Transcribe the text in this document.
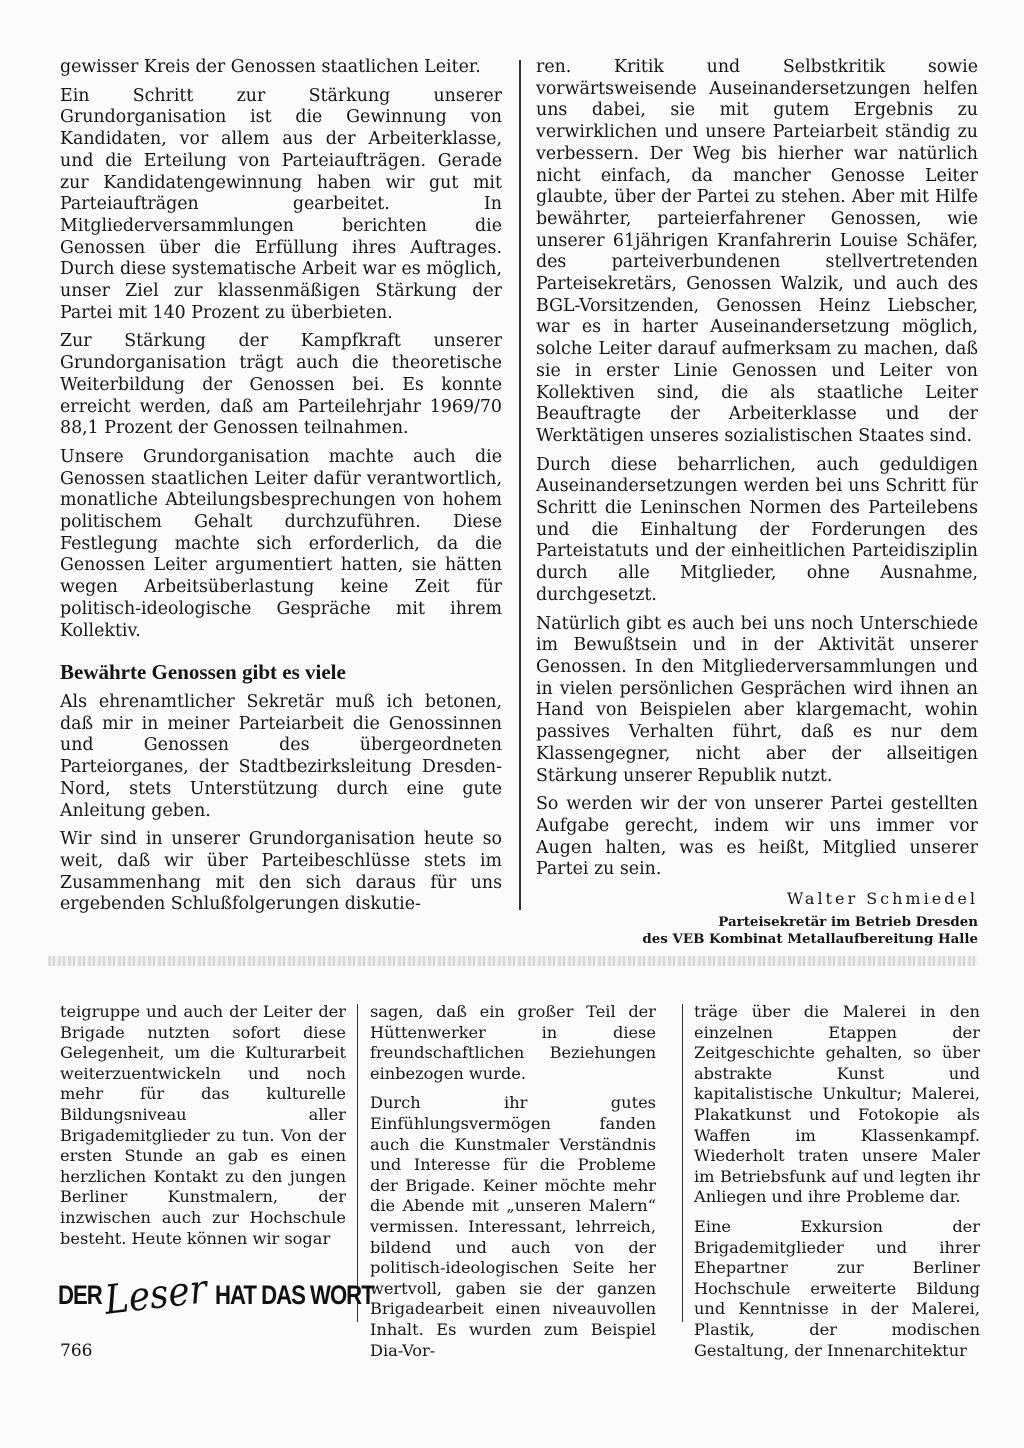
gewisser Kreis der Genossen staatlichen Leiter.

Ein Schritt zur Stärkung unserer Grundorganisation ist die Gewinnung von Kandidaten, vor allem aus der Arbeiterklasse, und die Erteilung von Parteiaufträgen. Gerade zur Kandidatengewinnung haben wir gut mit Parteiaufträgen gearbeitet. In Mitgliederversammlungen berichten die Genossen über die Erfüllung ihres Auftrages. Durch diese systematische Arbeit war es möglich, unser Ziel zur klassenmäßigen Stärkung der Partei mit 140 Prozent zu überbieten.

Zur Stärkung der Kampfkraft unserer Grundorganisation trägt auch die theoretische Weiterbildung der Genossen bei. Es konnte erreicht werden, daß am Parteilehrjahr 1969/70 88,1 Prozent der Genossen teilnahmen.

Unsere Grundorganisation machte auch die Genossen staatlichen Leiter dafür verantwortlich, monatliche Abteilungsbesprechungen von hohem politischem Gehalt durchzuführen. Diese Festlegung machte sich erforderlich, da die Genossen Leiter argumentiert hatten, sie hätten wegen Arbeitsüberlastung keine Zeit für politisch-ideologische Gespräche mit ihrem Kollektiv.

Bewährte Genossen gibt es viele

Als ehrenamtlicher Sekretär muß ich betonen, daß mir in meiner Parteiarbeit die Genossinnen und Genossen des übergeordneten Parteiorganes, der Stadtbezirksleitung Dresden-Nord, stets Unterstützung durch eine gute Anleitung geben.

Wir sind in unserer Grundorganisation heute so weit, daß wir über Parteibeschlüsse stets im Zusammenhang mit den sich daraus für uns ergebenden Schlußfolgerungen diskutie-

ren. Kritik und Selbstkritik sowie vorwärtsweisende Auseinandersetzungen helfen uns dabei, sie mit gutem Ergebnis zu verwirklichen und unsere Parteiarbeit ständig zu verbessern. Der Weg bis hierher war natürlich nicht einfach, da mancher Genosse Leiter glaubte, über der Partei zu stehen. Aber mit Hilfe bewährter, parteierfahrener Genossen, wie unserer 61jährigen Kranfahrerin Louise Schäfer, des parteiverbundenen stellvertretenden Parteisekretärs, Genossen Walzik, und auch des BGL-Vorsitzenden, Genossen Heinz Liebscher, war es in harter Auseinandersetzung möglich, solche Leiter darauf aufmerksam zu machen, daß sie in erster Linie Genossen und Leiter von Kollektiven sind, die als staatliche Leiter Beauftragte der Arbeiterklasse und der Werktätigen unseres sozialistischen Staates sind.

Durch diese beharrlichen, auch geduldigen Auseinandersetzungen werden bei uns Schritt für Schritt die Leninschen Normen des Parteilebens und die Einhaltung der Forderungen des Parteistatuts und der einheitlichen Parteidisziplin durch alle Mitglieder, ohne Ausnahme, durchgesetzt.

Natürlich gibt es auch bei uns noch Unterschiede im Bewußtsein und in der Aktivität unserer Genossen. In den Mitgliederversammlungen und in vielen persönlichen Gesprächen wird ihnen an Hand von Beispielen aber klargemacht, wohin passives Verhalten führt, daß es nur dem Klassengegner, nicht aber der allseitigen Stärkung unserer Republik nutzt.

So werden wir der von unserer Partei gestellten Aufgabe gerecht, indem wir uns immer vor Augen halten, was es heißt, Mitglied unserer Partei zu sein.

Walter Schmiedel

Parteisekretär im Betrieb Dresden

des VEB Kombinat Metallaufbereitung Halle

teigruppe und auch der Leiter der Brigade nutzten sofort diese Gelegenheit, um die Kulturarbeit weiterzuentwickeln und noch mehr für das kulturelle Bildungsniveau aller Brigademitglieder zu tun. Von der ersten Stunde an gab es einen herzlichen Kontakt zu den jungen Berliner Kunstmalern, der inzwischen auch zur Hochschule besteht. Heute können wir sogar

sagen, daß ein großer Teil der Hüttenwerker in diese freundschaftlichen Beziehungen einbezogen wurde.

Durch ihr gutes Einfühlungsvermögen fanden auch die Kunstmaler Verständnis und Interesse für die Probleme der Brigade. Keiner möchte mehr die Abende mit „unseren Malern“ vermissen. Interessant, lehrreich, bildend und auch von der politisch-ideologischen Seite her wertvoll, gaben sie der ganzen Brigadearbeit einen niveauvollen Inhalt. Es wurden zum Beispiel Dia-Vor-

träge über die Malerei in den einzelnen Etappen der Zeitgeschichte gehalten, so über abstrakte Kunst und kapitalistische Unkultur; Malerei, Plakatkunst und Fotokopie als Waffen im Klassenkampf. Wiederholt traten unsere Maler im Betriebsfunk auf und legten ihr Anliegen und ihre Probleme dar.

Eine Exkursion der Brigademitglieder und ihrer Ehepartner zur Berliner Hochschule erweiterte Bildung und Kenntnisse in der Malerei, Plastik, der modischen Gestaltung, der Innenarchitektur

DER Leser HAT DAS WORT
766
